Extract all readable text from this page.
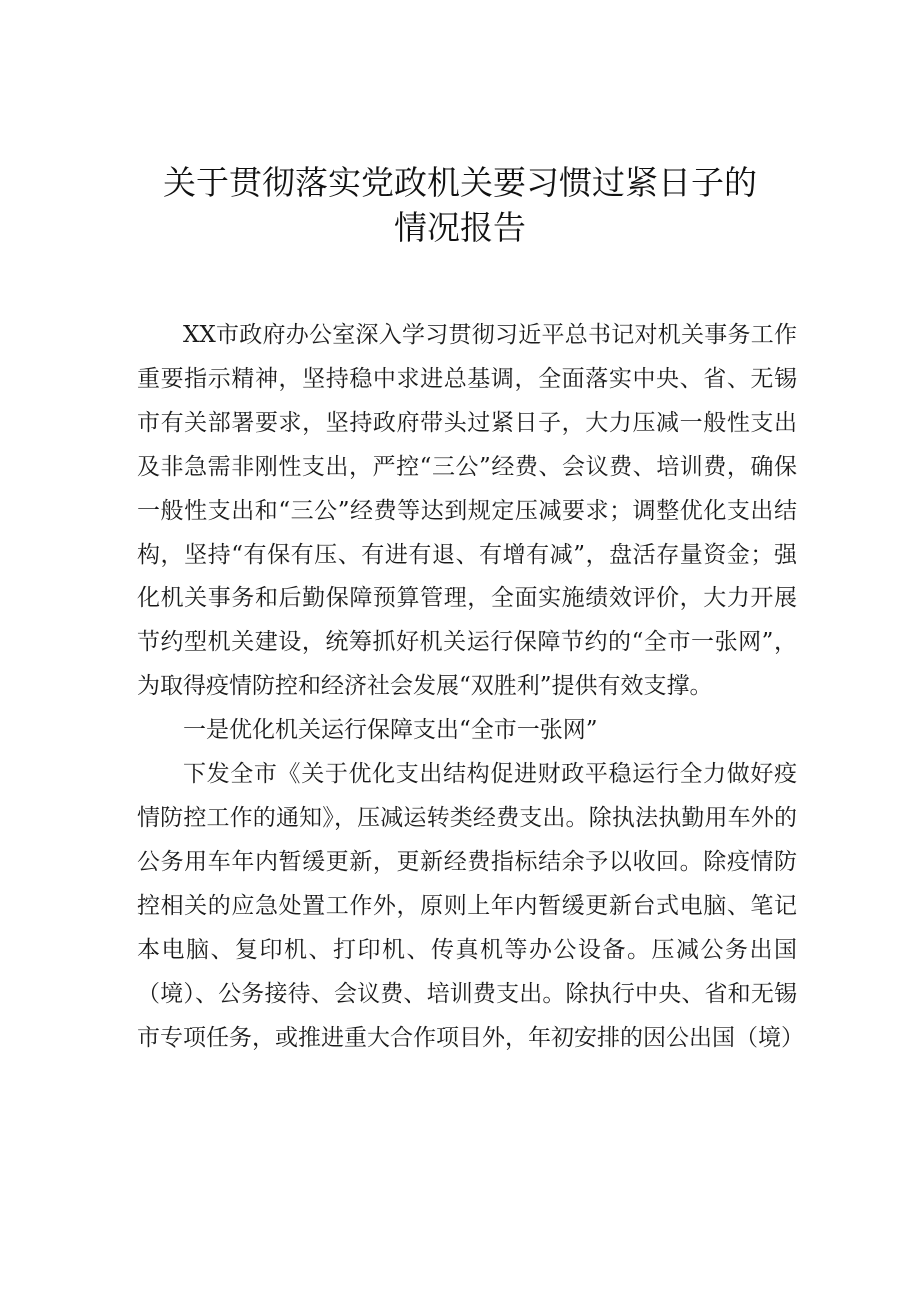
关于贯彻落实党政机关要习惯过紧日子的
情况报告

XX市政府办公室深入学习贯彻习近平总书记对机关事务工作重要指示精神，坚持稳中求进总基调，全面落实中央、省、无锡市有关部署要求，坚持政府带头过紧日子，大力压减一般性支出及非急需非刚性支出，严控“三公”经费、会议费、培训费，确保一般性支出和“三公”经费等达到规定压减要求；调整优化支出结构，坚持“有保有压、有进有退、有增有减”，盘活存量资金；强化机关事务和后勤保障预算管理，全面实施绩效评价，大力开展节约型机关建设，统筹抓好机关运行保障节约的“全市一张网”，为取得疫情防控和经济社会发展“双胜利”提供有效支撑。

一是优化机关运行保障支出“全市一张网”

下发全市《关于优化支出结构促进财政平稳运行全力做好疫情防控工作的通知》，压减运转类经费支出。除执法执勤用车外的公务用车年内暂缓更新，更新经费指标结余予以收回。除疫情防控相关的应急处置工作外，原则上年内暂缓更新台式电脑、笔记本电脑、复印机、打印机、传真机等办公设备。压减公务出国（境）、公务接待、会议费、培训费支出。除执行中央、省和无锡市专项任务，或推进重大合作项目外，年初安排的因公出国（境）
